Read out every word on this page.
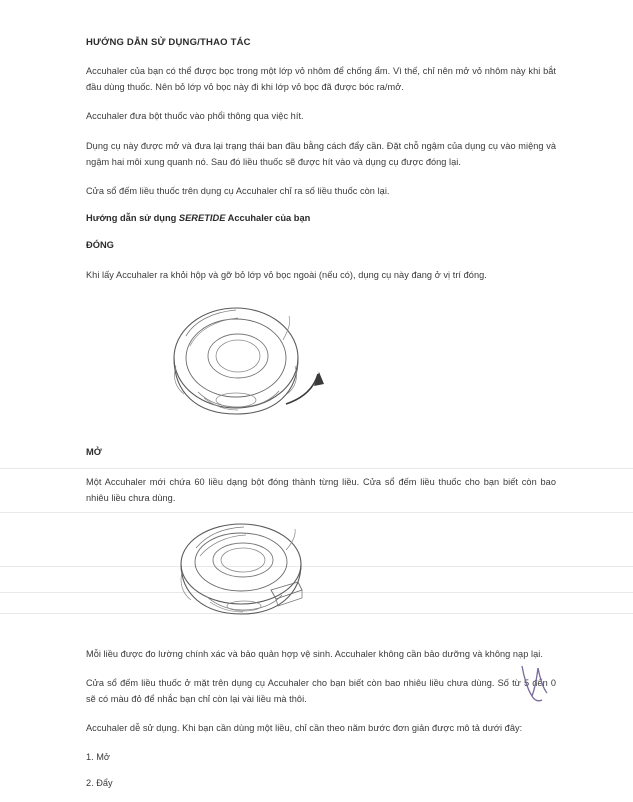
HƯỚNG DẪN SỬ DỤNG/THAO TÁC

Accuhaler của bạn có thể được bọc trong một lớp vỏ nhôm để chống ẩm. Vì thế, chỉ nên mở vỏ nhôm này khi bắt đầu dùng thuốc. Nên bỏ lớp vỏ bọc này đi khi lớp vỏ bọc đã được bóc ra/mở.

Accuhaler đưa bột thuốc vào phổi thông qua việc hít.

Dụng cụ này được mở và đưa lại trạng thái ban đầu bằng cách đẩy cần. Đặt chỗ ngậm của dụng cụ vào miệng và ngậm hai môi xung quanh nó. Sau đó liều thuốc sẽ được hít vào và dụng cụ được đóng lại.

Cửa sổ đếm liều thuốc trên dụng cụ Accuhaler chỉ ra số liều thuốc còn lại.

Hướng dẫn sử dụng SERETIDE Accuhaler của bạn

ĐÓNG

Khi lấy Accuhaler ra khỏi hộp và gỡ bỏ lớp vỏ bọc ngoài (nếu có), dụng cụ này đang ở vị trí đóng.

MỞ

Một Accuhaler mới chứa 60 liều dạng bột đóng thành từng liều. Cửa sổ đếm liều thuốc cho bạn biết còn bao nhiêu liều chưa dùng.

Mỗi liều được đo lường chính xác và bảo quản hợp vệ sinh. Accuhaler không cần bảo dưỡng và không nạp lại.

Cửa sổ đếm liều thuốc ở mặt trên dụng cụ Accuhaler cho bạn biết còn bao nhiêu liều chưa dùng. Số từ 5 đến 0 sẽ có màu đỏ để nhắc bạn chỉ còn lại vài liều mà thôi.

Accuhaler dễ sử dụng. Khi bạn cần dùng một liều, chỉ cần theo năm bước đơn giản được mô tả dưới đây:

1. Mở

2. Đẩy
